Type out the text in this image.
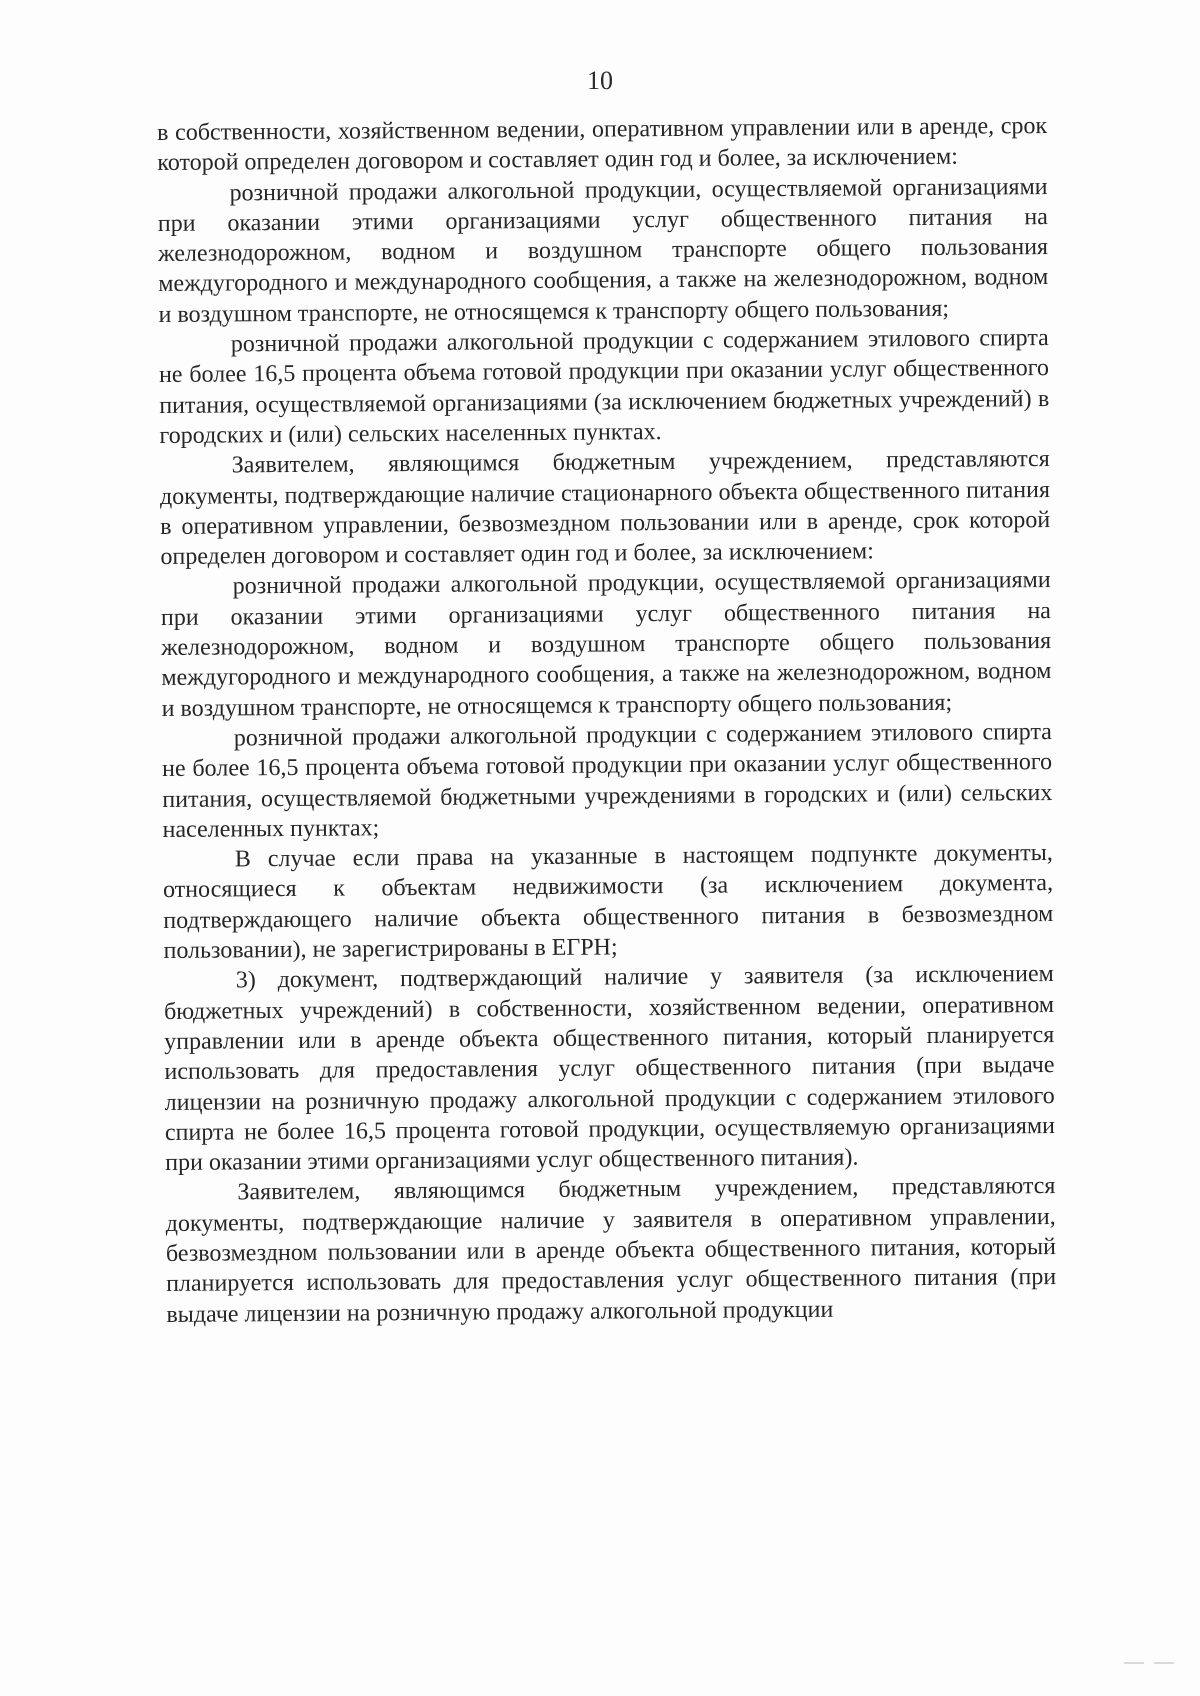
10

в собственности, хозяйственном ведении, оперативном управлении или в аренде, срок которой определен договором и составляет один год и более, за исключением:

розничной продажи алкогольной продукции, осуществляемой организациями при оказании этими организациями услуг общественного питания на железнодорожном, водном и воздушном транспорте общего пользования междугородного и международного сообщения, а также на железнодорожном, водном и воздушном транспорте, не относящемся к транспорту общего пользования;

розничной продажи алкогольной продукции с содержанием этилового спирта не более 16,5 процента объема готовой продукции при оказании услуг общественного питания, осуществляемой организациями (за исключением бюджетных учреждений) в городских и (или) сельских населенных пунктах.

Заявителем, являющимся бюджетным учреждением, представляются документы, подтверждающие наличие стационарного объекта общественного питания в оперативном управлении, безвозмездном пользовании или в аренде, срок которой определен договором и составляет один год и более, за исключением:

розничной продажи алкогольной продукции, осуществляемой организациями при оказании этими организациями услуг общественного питания на железнодорожном, водном и воздушном транспорте общего пользования междугородного и международного сообщения, а также на железнодорожном, водном и воздушном транспорте, не относящемся к транспорту общего пользования;

розничной продажи алкогольной продукции с содержанием этилового спирта не более 16,5 процента объема готовой продукции при оказании услуг общественного питания, осуществляемой бюджетными учреждениями в городских и (или) сельских населенных пунктах;

В случае если права на указанные в настоящем подпункте документы, относящиеся к объектам недвижимости (за исключением документа, подтверждающего наличие объекта общественного питания в безвозмездном пользовании), не зарегистрированы в ЕГРН;

3) документ, подтверждающий наличие у заявителя (за исключением бюджетных учреждений) в собственности, хозяйственном ведении, оперативном управлении или в аренде объекта общественного питания, который планируется использовать для предоставления услуг общественного питания (при выдаче лицензии на розничную продажу алкогольной продукции с содержанием этилового спирта не более 16,5 процента готовой продукции, осуществляемую организациями при оказании этими организациями услуг общественного питания).

Заявителем, являющимся бюджетным учреждением, представляются документы, подтверждающие наличие у заявителя в оперативном управлении, безвозмездном пользовании или в аренде объекта общественного питания, который планируется использовать для предоставления услуг общественного питания (при выдаче лицензии на розничную продажу алкогольной продукции
